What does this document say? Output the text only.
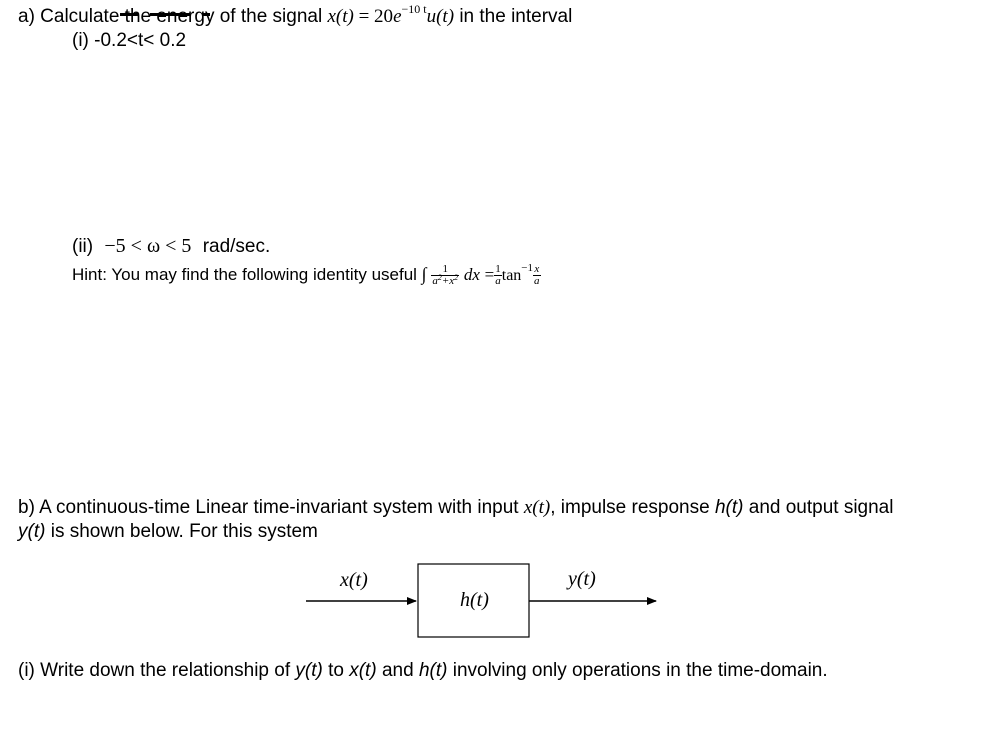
a) Calculate the energy of the signal $x(t) = 20e^{-10 t}u(t)$ in the interval
(i) -0.2<t< 0.2
(ii) −5 < ω < 5 rad/sec.
Hint: You may find the following identity useful ∫ $\frac{1}{a^2+x^2}$ dx = $\frac{1}{a} \tan^{-1} \frac{x}{a}$
b) A continuous-time Linear time-invariant system with input x(t), impulse response h(t) and output signal
y(t) is shown below. For this system
x(t)
h(t)
y(t)
(i) Write down the relationship of y(t) to x(t) and h(t) involving only operations in the time-domain.
